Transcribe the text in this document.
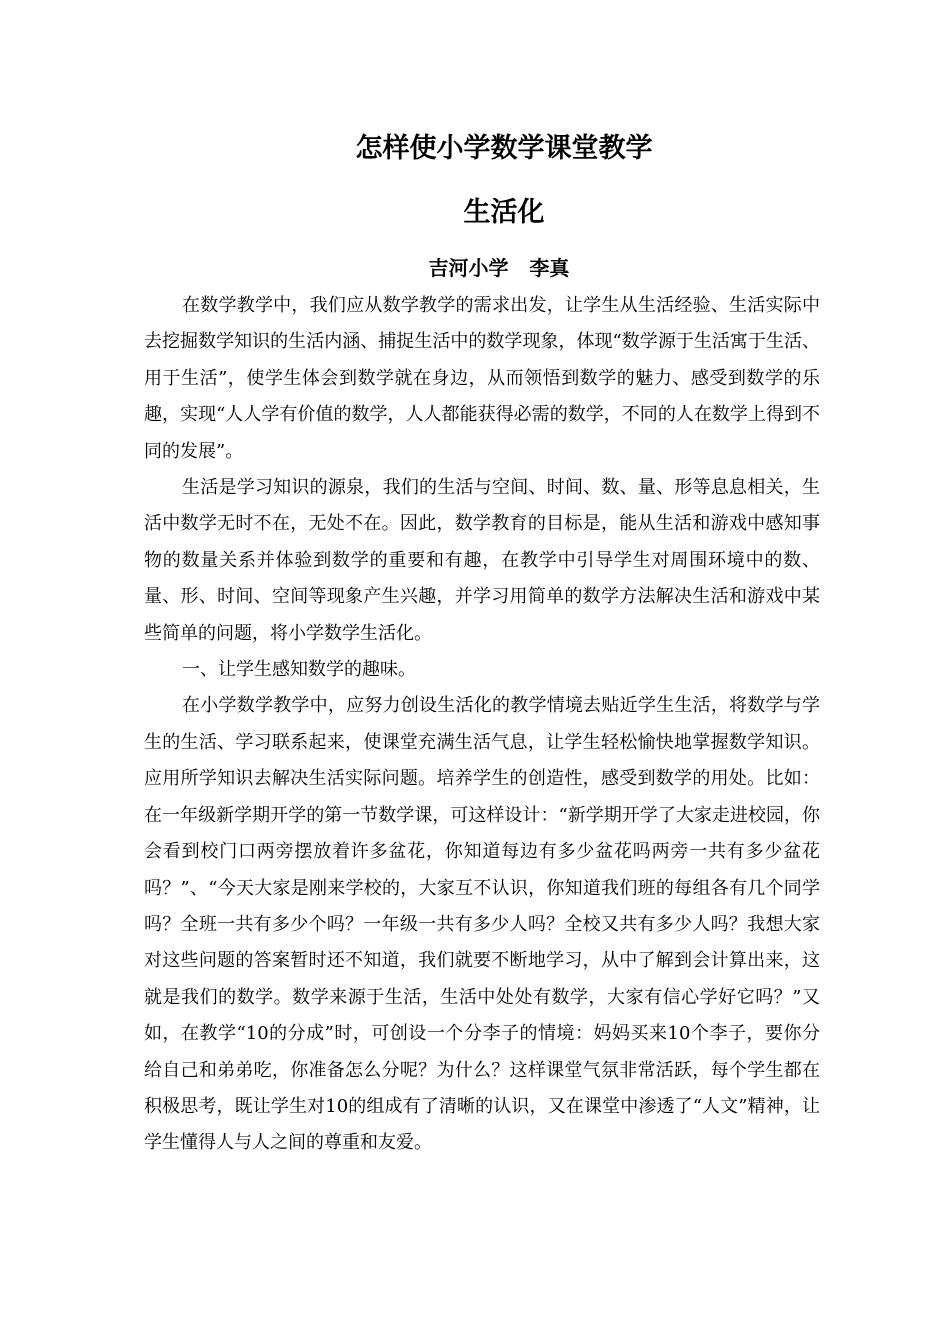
怎样使小学数学课堂教学
生活化
吉河小学   李真

在数学教学中，我们应从数学教学的需求出发，让学生从生活经验、生活实际中去挖掘数学知识的生活内涵、捕捉生活中的数学现象，体现“数学源于生活寓于生活、用于生活”，使学生体会到数学就在身边，从而领悟到数学的魅力、感受到数学的乐趣，实现“人人学有价值的数学，人人都能获得必需的数学，不同的人在数学上得到不同的发展”。

生活是学习知识的源泉，我们的生活与空间、时间、数、量、形等息息相关，生活中数学无时不在，无处不在。因此，数学教育的目标是，能从生活和游戏中感知事物的数量关系并体验到数学的重要和有趣，在教学中引导学生对周围环境中的数、量、形、时间、空间等现象产生兴趣，并学习用简单的数学方法解决生活和游戏中某些简单的问题，将小学数学生活化。

一、让学生感知数学的趣味。

在小学数学教学中，应努力创设生活化的教学情境去贴近学生生活，将数学与学生的生活、学习联系起来，使课堂充满生活气息，让学生轻松愉快地掌握数学知识。应用所学知识去解决生活实际问题。培养学生的创造性，感受到数学的用处。比如：在一年级新学期开学的第一节数学课，可这样设计：“新学期开学了大家走进校园，你会看到校门口两旁摆放着许多盆花，你知道每边有多少盆花吗两旁一共有多少盆花吗？”、“今天大家是刚来学校的，大家互不认识，你知道我们班的每组各有几个同学吗？全班一共有多少个吗？一年级一共有多少人吗？全校又共有多少人吗？我想大家对这些问题的答案暂时还不知道，我们就要不断地学习，从中了解到会计算出来，这就是我们的数学。数学来源于生活，生活中处处有数学，大家有信心学好它吗？”又如，在教学“10的分成”时，可创设一个分李子的情境：妈妈买来10个李子，要你分给自己和弟弟吃，你准备怎么分呢？为什么？这样课堂气氛非常活跃，每个学生都在积极思考，既让学生对10的组成有了清晰的认识，又在课堂中渗透了“人文”精神，让学生懂得人与人之间的尊重和友爱。
